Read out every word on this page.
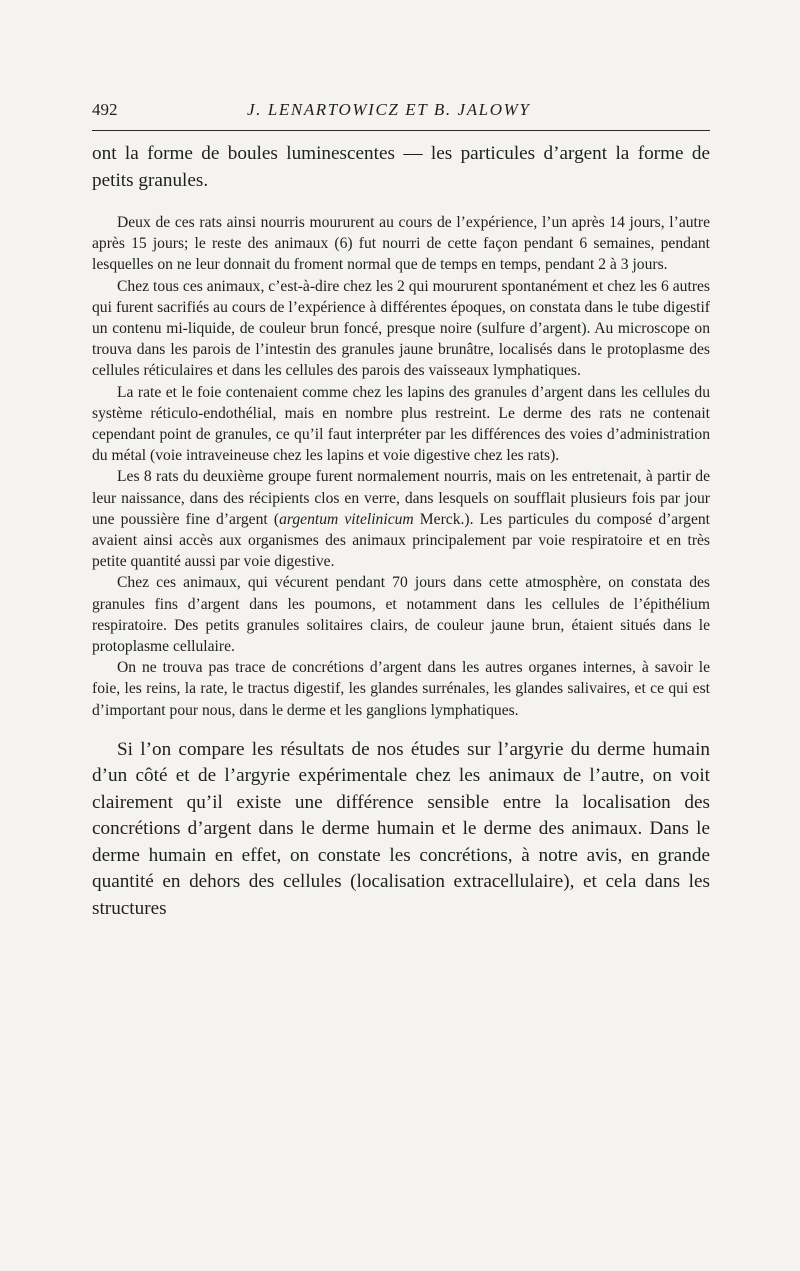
492	J. LENARTOWICZ ET B. JALOWY

ont la forme de boules luminescentes — les particules d’argent la forme de petits granules.

Deux de ces rats ainsi nourris moururent au cours de l’expérience, l’un après 14 jours, l’autre après 15 jours; le reste des animaux (6) fut nourri de cette façon pendant 6 semaines, pendant lesquelles on ne leur donnait du froment normal que de temps en temps, pendant 2 à 3 jours.

Chez tous ces animaux, c’est-à-dire chez les 2 qui moururent spontanément et chez les 6 autres qui furent sacrifiés au cours de l’expérience à différentes époques, on constata dans le tube digestif un contenu mi-liquide, de couleur brun foncé, presque noire (sulfure d’argent). Au microscope on trouva dans les parois de l’intestin des granules jaune brunâtre, localisés dans le protoplasme des cellules réticulaires et dans les cellules des parois des vaisseaux lymphatiques.

La rate et le foie contenaient comme chez les lapins des granules d’argent dans les cellules du système réticulo-endothélial, mais en nombre plus restreint. Le derme des rats ne contenait cependant point de granules, ce qu’il faut interpréter par les différences des voies d’administration du métal (voie intraveineuse chez les lapins et voie digestive chez les rats).

Les 8 rats du deuxième groupe furent normalement nourris, mais on les entretenait, à partir de leur naissance, dans des récipients clos en verre, dans lesquels on soufflait plusieurs fois par jour une poussière fine d’argent (argentum vitelinicum Merck.). Les particules du composé d’argent avaient ainsi accès aux organismes des animaux principalement par voie respiratoire et en très petite quantité aussi par voie digestive.

Chez ces animaux, qui vécurent pendant 70 jours dans cette atmosphère, on constata des granules fins d’argent dans les poumons, et notamment dans les cellules de l’épithélium respiratoire. Des petits granules solitaires clairs, de couleur jaune brun, étaient situés dans le protoplasme cellulaire.

On ne trouva pas trace de concrétions d’argent dans les autres organes internes, à savoir le foie, les reins, la rate, le tractus digestif, les glandes surrénales, les glandes salivaires, et ce qui est d’important pour nous, dans le derme et les ganglions lymphatiques.

Si l’on compare les résultats de nos études sur l’argyrie du derme humain d’un côté et de l’argyrie expérimentale chez les animaux de l’autre, on voit clairement qu’il existe une différence sensible entre la localisation des concrétions d’argent dans le derme humain et le derme des animaux. Dans le derme humain en effet, on constate les concrétions, à notre avis, en grande quantité en dehors des cellules (localisation extracellulaire), et cela dans les structures
